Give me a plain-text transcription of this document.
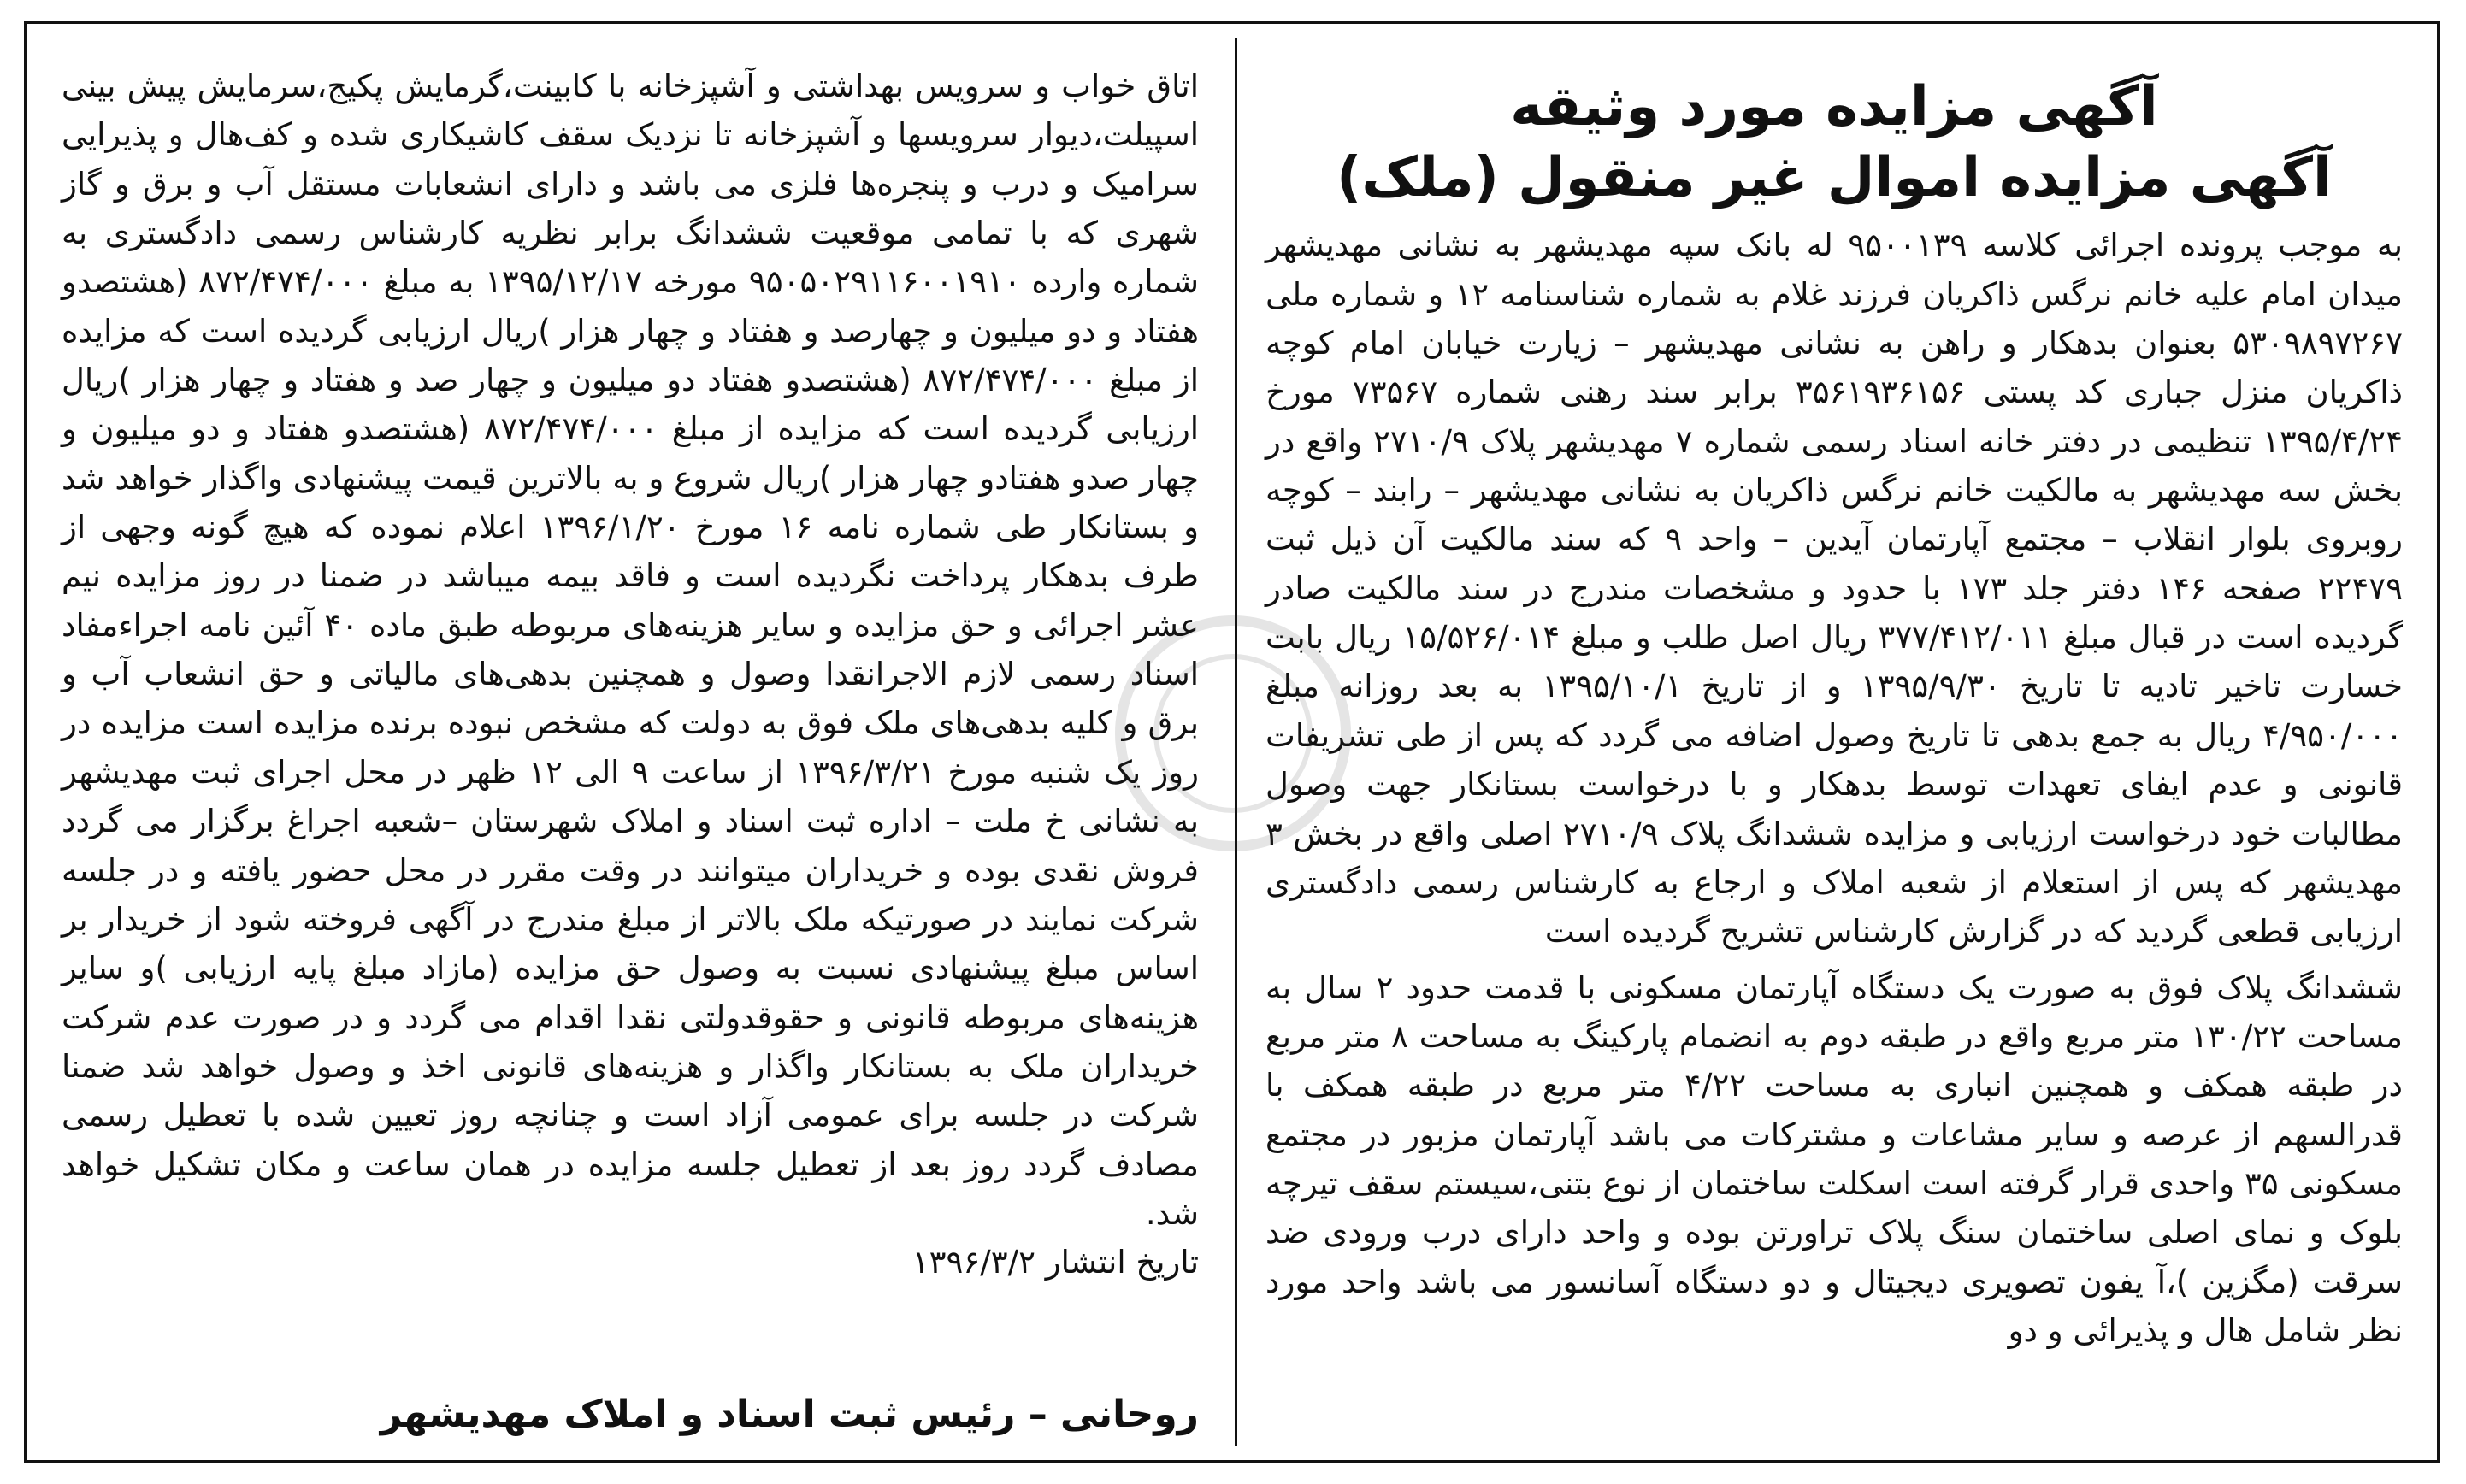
آگهی مزایده مورد وثیقه
آگهی مزایده اموال غیر منقول (ملک)

به موجب پرونده اجرائی کلاسه ۹۵۰۰۱۳۹ له بانک سپه مهدیشهر به نشانی مهدیشهر میدان امام علیه خانم نرگس ذاکریان فرزند غلام به شماره شناسنامه ۱۲ و شماره ملی ۵۳۰۹۸۹۷۲۶۷ بعنوان بدهکار و راهن به نشانی مهدیشهر – زیارت خیابان امام کوچه ذاکریان منزل جباری کد پستی ۳۵۶۱۹۳۶۱۵۶ برابر سند رهنی شماره ۷۳۵۶۷ مورخ ۱۳۹۵/۴/۲۴ تنظیمی در دفتر خانه اسناد رسمی شماره ۷ مهدیشهر پلاک ۲۷۱۰/۹ واقع در بخش سه مهدیشهر به مالکیت خانم نرگس ذاکریان به نشانی مهدیشهر – رابند – کوچه روبروی بلوار انقلاب – مجتمع آپارتمان آیدین – واحد ۹ که سند مالکیت آن ذیل ثبت ۲۲۴۷۹ صفحه ۱۴۶ دفتر جلد ۱۷۳ با حدود و مشخصات مندرج در سند مالکیت صادر گردیده است در قبال مبلغ ۳۷۷/۴۱۲/۰۱۱ ریال اصل طلب و مبلغ ۱۵/۵۲۶/۰۱۴ ریال بابت خسارت تاخیر تادیه تا تاریخ ۱۳۹۵/۹/۳۰ و از تاریخ ۱۳۹۵/۱۰/۱ به بعد روزانه مبلغ ۴/۹۵۰/۰۰۰ ریال به جمع بدهی تا تاریخ وصول اضافه می گردد که پس از طی تشریفات قانونی و عدم ایفای تعهدات توسط بدهکار و با درخواست بستانکار جهت وصول مطالبات خود درخواست ارزیابی و مزایده ششدانگ پلاک ۲۷۱۰/۹ اصلی واقع در بخش ۳ مهدیشهر که پس از استعلام از شعبه املاک و ارجاع به کارشناس رسمی دادگستری ارزیابی قطعی گردید که در گزارش کارشناس تشریح گردیده است

ششدانگ پلاک فوق به صورت یک دستگاه آپارتمان مسکونی با قدمت حدود ۲ سال به مساحت ۱۳۰/۲۲ متر مربع واقع در طبقه دوم به انضمام پارکینگ به مساحت ۸ متر مربع در طبقه همکف و همچنین انباری به مساحت ۴/۲۲ متر مربع در طبقه همکف با قدرالسهم از عرصه و سایر مشاعات و مشترکات می باشد آپارتمان مزبور در مجتمع مسکونی ۳۵ واحدی قرار گرفته است اسکلت ساختمان از نوع بتنی،سیستم سقف تیرچه بلوک و نمای اصلی ساختمان سنگ پلاک تراورتن بوده و واحد دارای درب ورودی ضد سرقت (مگزین )،آ یفون تصویری دیجیتال و دو دستگاه آسانسور می باشد واحد مورد نظر شامل هال و پذیرائی و دو

اتاق خواب و سرویس بهداشتی و آشپزخانه با کابینت،گرمایش پکیج،سرمایش پیش بینی اسپیلت،دیوار سرویسها و آشپزخانه تا نزدیک سقف کاشیکاری شده و کف‌هال و پذیرایی سرامیک و درب و پنجره‌ها فلزی می باشد و دارای انشعابات مستقل آب و برق و گاز شهری که با تمامی موقعیت ششدانگ برابر نظریه کارشناس رسمی دادگستری به شماره وارده ۹۵۰۵۰۲۹۱۱۶۰۰۱۹۱۰ مورخه ۱۳۹۵/۱۲/۱۷ به مبلغ ۸۷۲/۴۷۴/۰۰۰ (هشتصدو هفتاد و دو میلیون و چهارصد و هفتاد و چهار هزار )ریال ارزیابی گردیده است که مزایده از مبلغ ۸۷۲/۴۷۴/۰۰۰ (هشتصدو هفتاد دو میلیون و چهار صد و هفتاد و چهار هزار )ریال ارزیابی گردیده است که مزایده از مبلغ ۸۷۲/۴۷۴/۰۰۰ (هشتصدو هفتاد و دو میلیون و چهار صدو هفتادو چهار هزار )ریال شروع و به بالاترین قیمت پیشنهادی واگذار خواهد شد و بستانکار طی شماره نامه ۱۶ مورخ ۱۳۹۶/۱/۲۰ اعلام نموده که هیچ گونه وجهی از طرف بدهکار پرداخت نگردیده است و فاقد بیمه میباشد در ضمنا در روز مزایده نیم عشر اجرائی و حق مزایده و سایر هزینه‌های مربوطه طبق ماده ۴۰ آئین نامه اجراءمفاد اسناد رسمی لازم الاجرانقدا وصول و همچنین بدهی‌های مالیاتی و حق انشعاب آب و برق و کلیه بدهی‌های ملک فوق به دولت که مشخص نبوده برنده مزایده است مزایده در روز یک شنبه مورخ ۱۳۹۶/۳/۲۱ از ساعت ۹ الی ۱۲ ظهر در محل اجرای ثبت مهدیشهر به نشانی خ ملت – اداره ثبت اسناد و املاک شهرستان –شعبه اجراغ برگزار می گردد فروش نقدی بوده و خریداران میتوانند در وقت مقرر در محل حضور یافته و در جلسه شرکت نمایند در صورتیکه ملک بالاتر از مبلغ مندرج در آگهی فروخته شود از خریدار بر اساس مبلغ پیشنهادی نسبت به وصول حق مزایده (مازاد مبلغ پایه ارزیابی )و سایر هزینه‌های مربوطه قانونی و حقوقدولتی نقدا اقدام می گردد و در صورت عدم شرکت خریداران ملک به بستانکار واگذار و هزینه‌های قانونی اخذ و وصول خواهد شد ضمنا شرکت در جلسه برای عمومی آزاد است و چنانچه روز تعیین شده با تعطیل رسمی مصادف گردد روز بعد از تعطیل جلسه مزایده در همان ساعت و مکان تشکیل خواهد شد.

تاریخ انتشار ۱۳۹۶/۳/۲
روحانی – رئیس ثبت اسناد و املاک مهدیشهر
